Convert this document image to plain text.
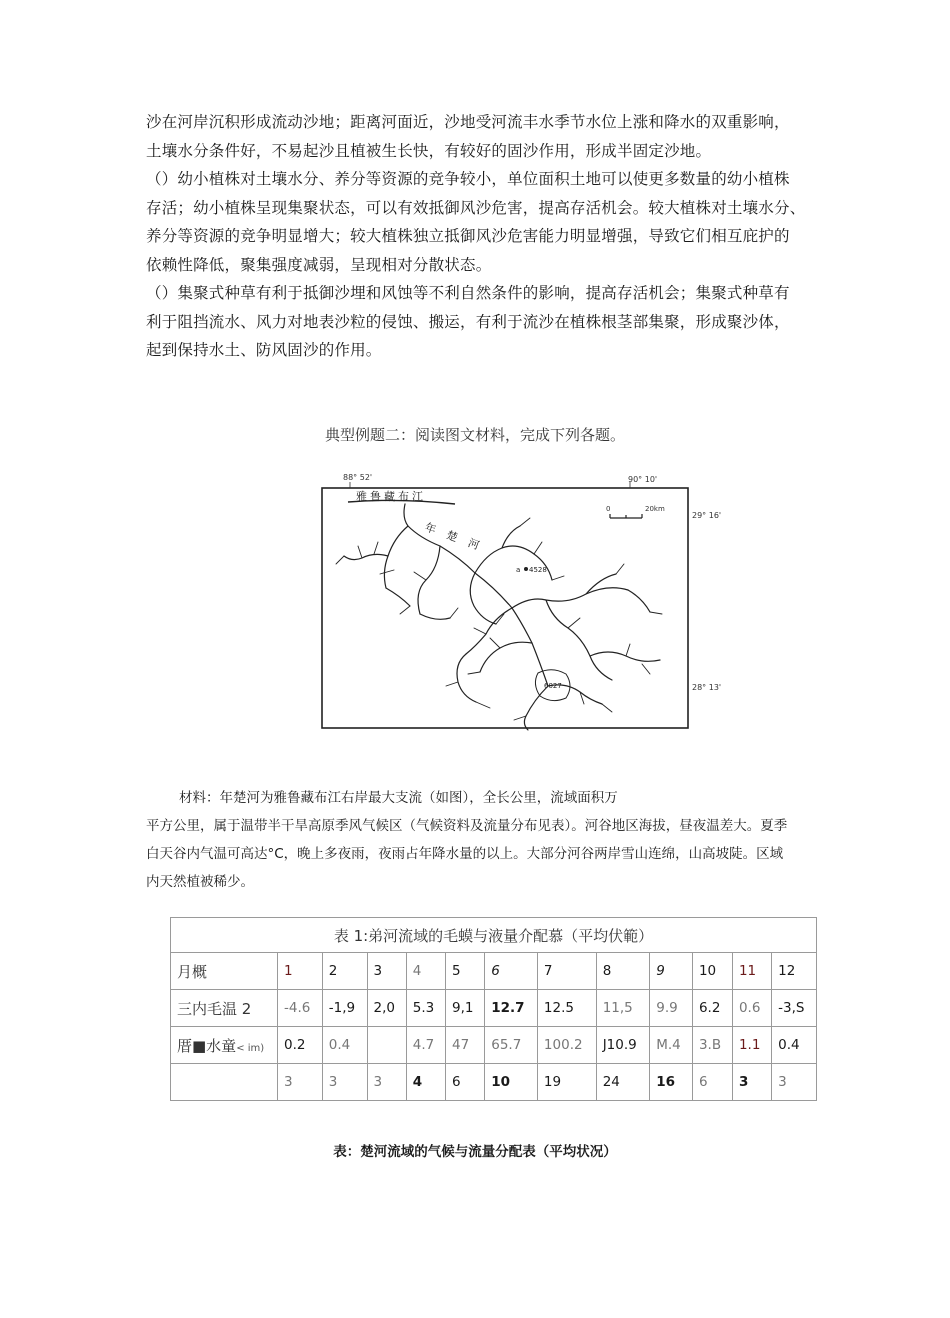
沙在河岸沉积形成流动沙地；距离河面近，沙地受河流丰水季节水位上涨和降水的双重影响，

土壤水分条件好，不易起沙且植被生长快，有较好的固沙作用，形成半固定沙地。

（）幼小植株对土壤水分、养分等资源的竞争较小，单位面积土地可以使更多数量的幼小植株

存活；幼小植株呈现集聚状态，可以有效抵御风沙危害，提高存活机会。较大植株对土壤水分、

养分等资源的竞争明显增大；较大植株独立抵御风沙危害能力明显增强，导致它们相互庇护的

依赖性降低，聚集强度减弱，呈现相对分散状态。

（）集聚式种草有利于抵御沙埋和风蚀等不利自然条件的影响，提高存活机会；集聚式种草有

利于阻挡流水、风力对地表沙粒的侵蚀、搬运，有利于流沙在植株根茎部集聚，形成聚沙体，

起到保持水土、防风固沙的作用。

典型例题二：阅读图文材料，完成下列各题。
88° 52'	90° 10'
29° 16'
28° 13'
0	20km
雅鲁藏布江
年楚河
a 4528
6027

材料：年楚河为雅鲁藏布江右岸最大支流（如图），全长公里，流域面积万

平方公里，属于温带半干旱高原季风气候区（气候资料及流量分布见表）。河谷地区海拔，昼夜温差大。夏季

白天谷内气温可高达°C，晚上多夜雨，夜雨占年降水量的以上。大部分河谷两岸雪山连绵，山高坡陡。区域

内天然植被稀少。

表 1:弟河流域的毛蟆与液量介配慕（平均伏範）												
月概	1	2	3	4	5	6	7	8	9	10	11	12
三内毛温 2	-4.6	-1,9	2,0	5.3	9,1	12.7	12.5	11,5	9.9	6.2	0.6	-3,S
厝■水童< im)	0.2	0.4		4.7	47	65.7	100.2	J10.9	M.4	3.B	1.1	0.4
	3	3	3	4	6	10	19	24	16	6	3	3
表：楚河流域的气候与流量分配表（平均状况）
